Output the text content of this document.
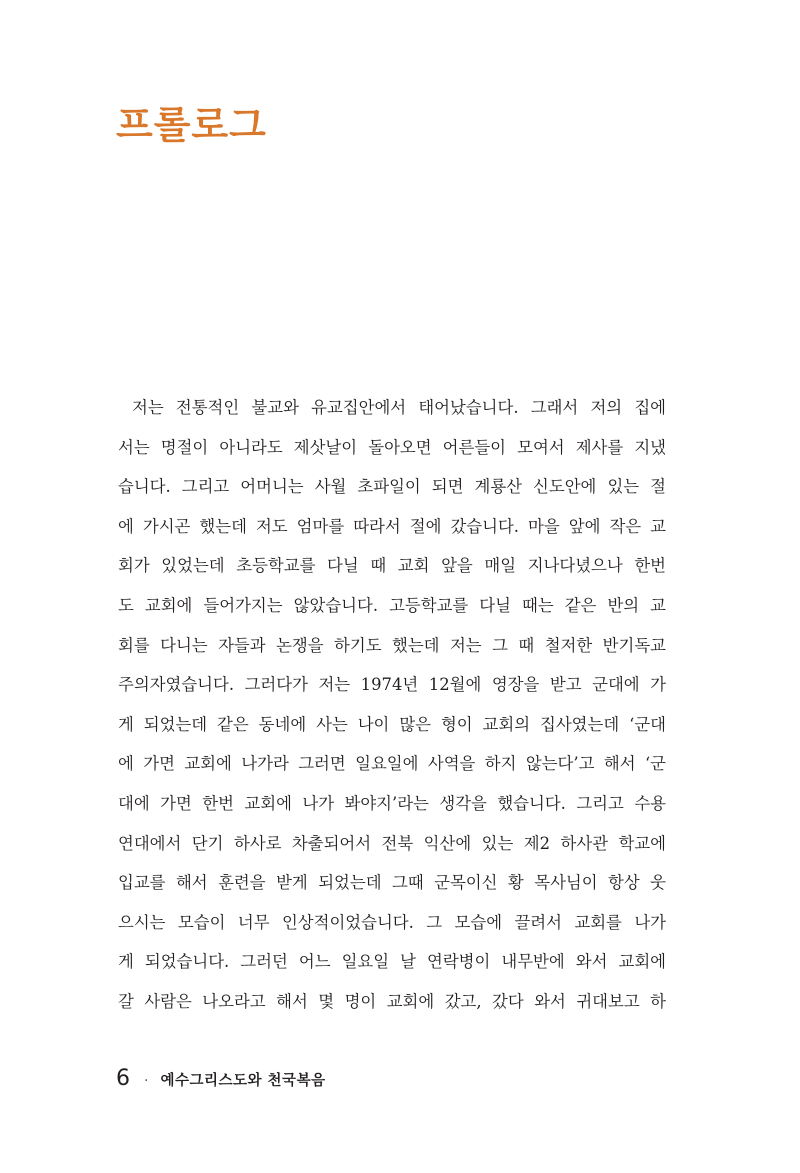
프롤로그
저는 전통적인 불교와 유교집안에서 태어났습니다. 그래서 저의 집에
서는 명절이 아니라도 제삿날이 돌아오면 어른들이 모여서 제사를 지냈
습니다. 그리고 어머니는 사월 초파일이 되면 계룡산 신도안에 있는 절
에 가시곤 했는데 저도 엄마를 따라서 절에 갔습니다. 마을 앞에 작은 교
회가 있었는데 초등학교를 다닐 때 교회 앞을 매일 지나다녔으나 한번
도 교회에 들어가지는 않았습니다. 고등학교를 다닐 때는 같은 반의 교
회를 다니는 자들과 논쟁을 하기도 했는데 저는 그 때 철저한 반기독교
주의자였습니다. 그러다가 저는 1974년 12월에 영장을 받고 군대에 가
게 되었는데 같은 동네에 사는 나이 많은 형이 교회의 집사였는데 ‘군대
에 가면 교회에 나가라 그러면 일요일에 사역을 하지 않는다’고 해서 ‘군
대에 가면 한번 교회에 나가 봐야지’라는 생각을 했습니다. 그리고 수용
연대에서 단기 하사로 차출되어서 전북 익산에 있는 제2 하사관 학교에
입교를 해서 훈련을 받게 되었는데 그때 군목이신 황 목사님이 항상 웃
으시는 모습이 너무 인상적이었습니다. 그 모습에 끌려서 교회를 나가
게 되었습니다. 그러던 어느 일요일 날 연락병이 내무반에 와서 교회에
갈 사람은 나오라고 해서 몇 명이 교회에 갔고, 갔다 와서 귀대보고 하
6 · 예수그리스도와 천국복음
